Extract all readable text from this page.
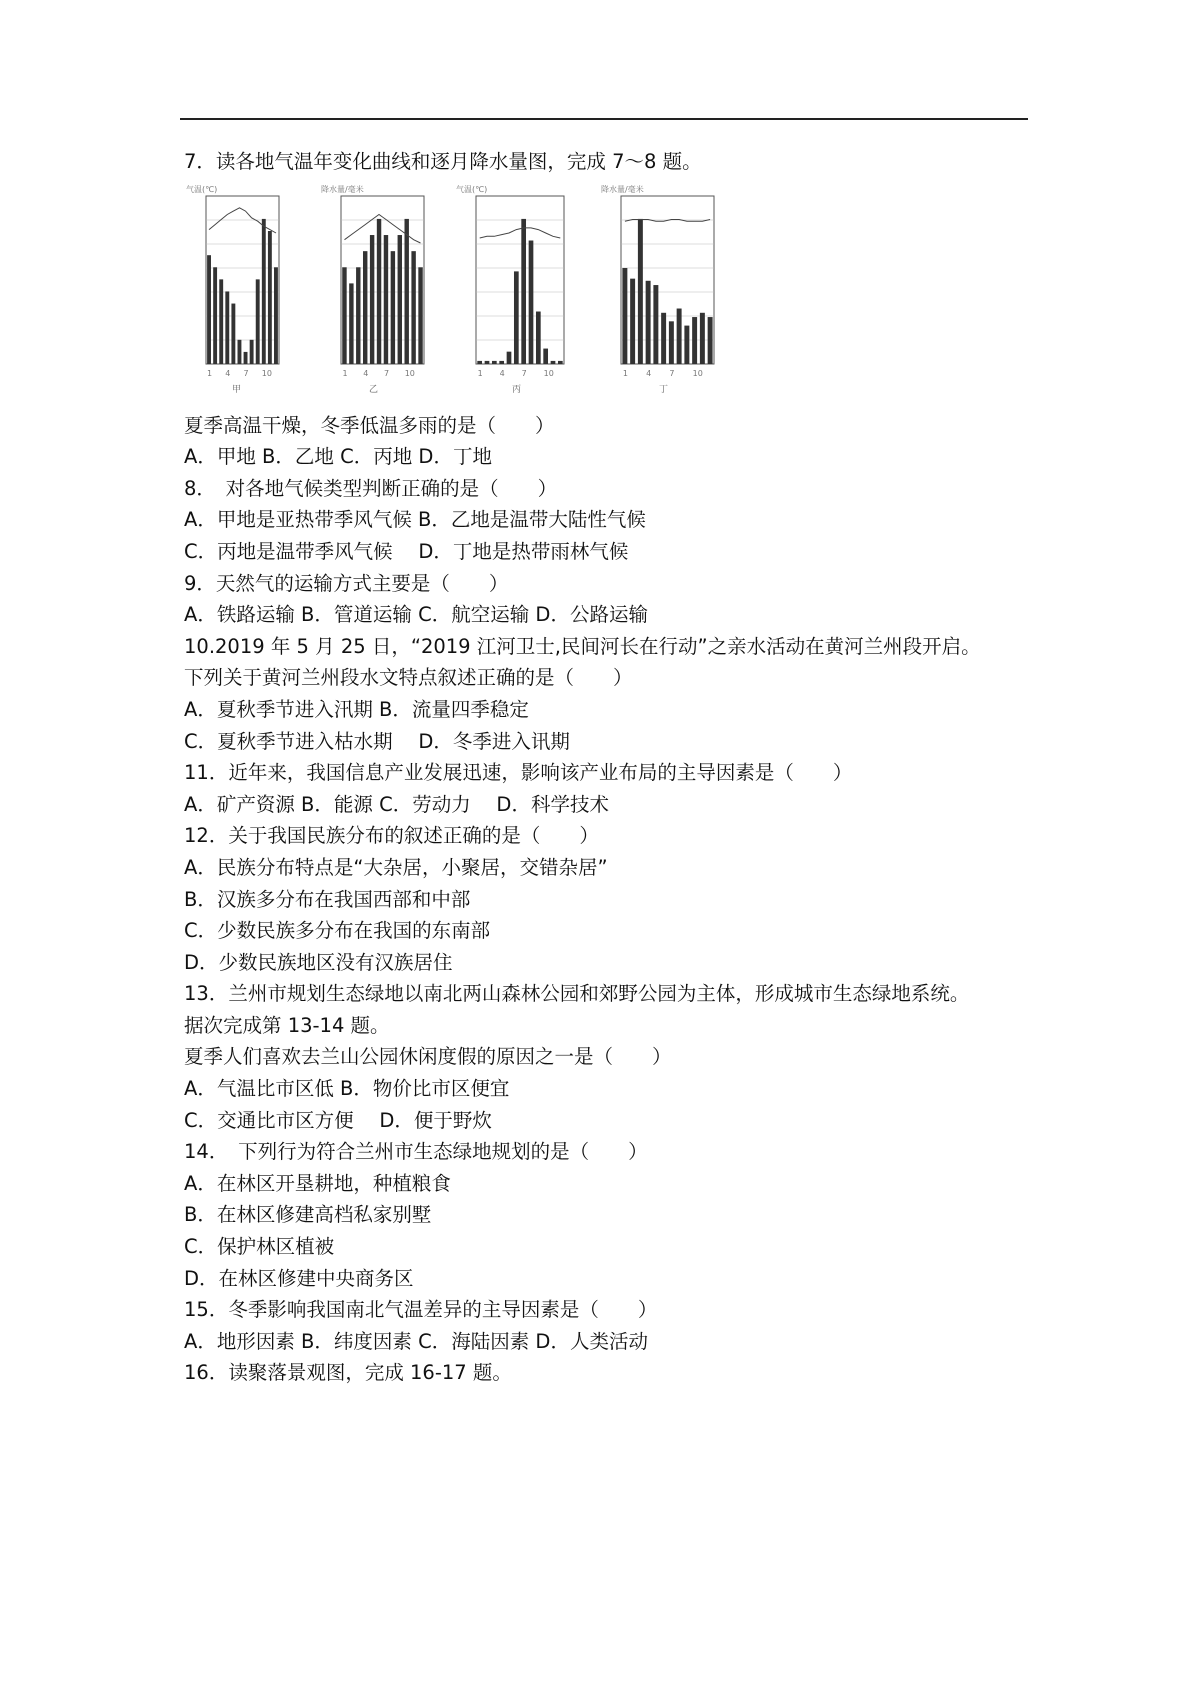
7．读各地气温年变化曲线和逐月降水量图，完成 7～8 题。
气温(℃)
1 4 7 10
甲
降水量/毫米
1 4 7 10
乙
气温(℃)
1 4 7 10
丙
降水量/毫米
1 4 7 10
丁
夏季高温干燥，冬季低温多雨的是（　　）
A．甲地 B．乙地 C．丙地 D．丁地
8．　对各地气候类型判断正确的是（　　）
A．甲地是亚热带季风气候 B．乙地是温带大陆性气候
C．丙地是温带季风气候　 D．丁地是热带雨林气候
9．天然气的运输方式主要是（　　）
A．铁路运输 B．管道运输 C．航空运输 D．公路运输
10.2019 年 5 月 25 日，“2019 江河卫士,民间河长在行动”之亲水活动在黄河兰州段开启。
下列关于黄河兰州段水文特点叙述正确的是（　　）
A．夏秋季节进入汛期 B．流量四季稳定
C．夏秋季节进入枯水期　 D．冬季进入讯期
11．近年来，我国信息产业发展迅速，影响该产业布局的主导因素是（　　）
A．矿产资源 B．能源 C．劳动力　 D．科学技术
12．关于我国民族分布的叙述正确的是（　　）
A．民族分布特点是“大杂居，小聚居，交错杂居”
B．汉族多分布在我国西部和中部
C．少数民族多分布在我国的东南部
D．少数民族地区没有汉族居住
13．兰州市规划生态绿地以南北两山森林公园和郊野公园为主体，形成城市生态绿地系统。
据次完成第 13-14 题。
夏季人们喜欢去兰山公园休闲度假的原因之一是（　　）
A．气温比市区低 B．物价比市区便宜
C．交通比市区方便　 D．便于野炊
14．　下列行为符合兰州市生态绿地规划的是（　　）
A．在林区开垦耕地，种植粮食
B．在林区修建高档私家别墅
C．保护林区植被
D．在林区修建中央商务区
15．冬季影响我国南北气温差异的主导因素是（　　）
A．地形因素 B．纬度因素 C．海陆因素 D．人类活动
16．读聚落景观图，完成 16-17 题。
